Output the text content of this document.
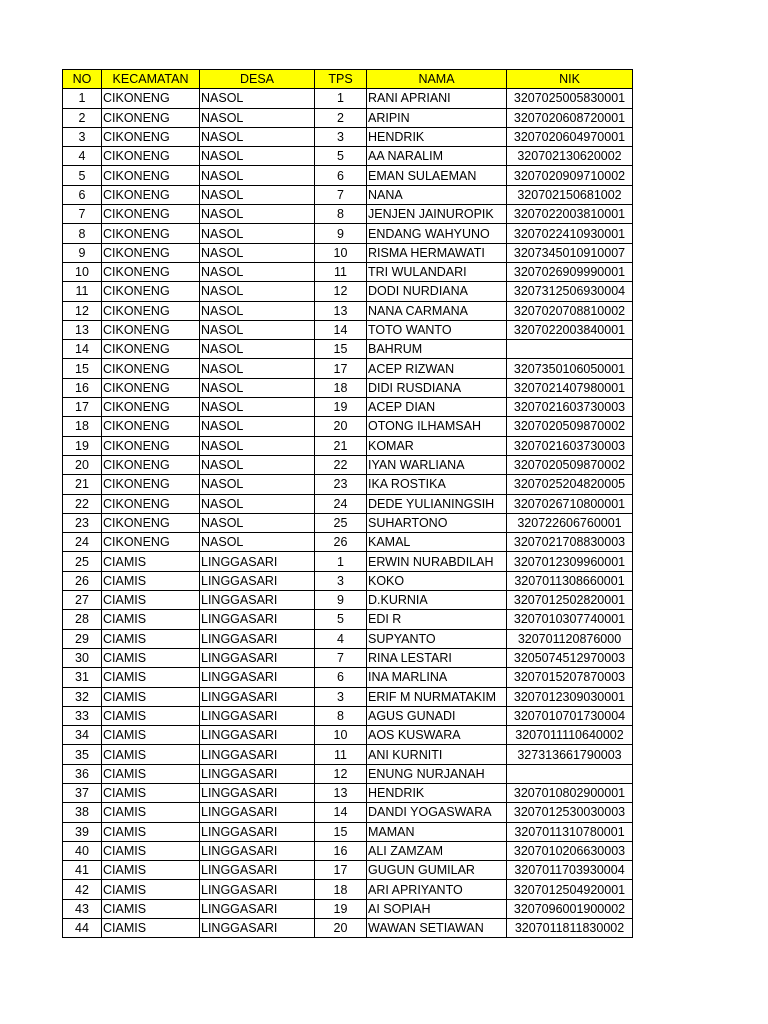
NO	KECAMATAN	DESA	TPS	NAMA	NIK
1	CIKONENG	NASOL	1	RANI APRIANI	3207025005830001
2	CIKONENG	NASOL	2	ARIPIN	3207020608720001
3	CIKONENG	NASOL	3	HENDRIK	3207020604970001
4	CIKONENG	NASOL	5	AA NARALIM	320702130620002
5	CIKONENG	NASOL	6	EMAN SULAEMAN	3207020909710002
6	CIKONENG	NASOL	7	NANA	320702150681002
7	CIKONENG	NASOL	8	JENJEN JAINUROPIK	3207022003810001
8	CIKONENG	NASOL	9	ENDANG WAHYUNO	3207022410930001
9	CIKONENG	NASOL	10	RISMA HERMAWATI	3207345010910007
10	CIKONENG	NASOL	11	TRI WULANDARI	3207026909990001
11	CIKONENG	NASOL	12	DODI NURDIANA	3207312506930004
12	CIKONENG	NASOL	13	NANA CARMANA	3207020708810002
13	CIKONENG	NASOL	14	TOTO WANTO	3207022003840001
14	CIKONENG	NASOL	15	BAHRUM	
15	CIKONENG	NASOL	17	ACEP RIZWAN	3207350106050001
16	CIKONENG	NASOL	18	DIDI RUSDIANA	3207021407980001
17	CIKONENG	NASOL	19	ACEP DIAN	3207021603730003
18	CIKONENG	NASOL	20	OTONG ILHAMSAH	3207020509870002
19	CIKONENG	NASOL	21	KOMAR	3207021603730003
20	CIKONENG	NASOL	22	IYAN WARLIANA	3207020509870002
21	CIKONENG	NASOL	23	IKA ROSTIKA	3207025204820005
22	CIKONENG	NASOL	24	DEDE YULIANINGSIH	3207026710800001
23	CIKONENG	NASOL	25	SUHARTONO	320722606760001
24	CIKONENG	NASOL	26	KAMAL	3207021708830003
25	CIAMIS	LINGGASARI	1	ERWIN NURABDILAH	3207012309960001
26	CIAMIS	LINGGASARI	3	KOKO	3207011308660001
27	CIAMIS	LINGGASARI	9	D.KURNIA	3207012502820001
28	CIAMIS	LINGGASARI	5	EDI R	3207010307740001
29	CIAMIS	LINGGASARI	4	SUPYANTO	320701120876000
30	CIAMIS	LINGGASARI	7	RINA LESTARI	3205074512970003
31	CIAMIS	LINGGASARI	6	INA MARLINA	3207015207870003
32	CIAMIS	LINGGASARI	3	ERIF M NURMATAKIM	3207012309030001
33	CIAMIS	LINGGASARI	8	AGUS GUNADI	3207010701730004
34	CIAMIS	LINGGASARI	10	AOS KUSWARA	3207011110640002
35	CIAMIS	LINGGASARI	11	ANI KURNITI	327313661790003
36	CIAMIS	LINGGASARI	12	ENUNG NURJANAH	
37	CIAMIS	LINGGASARI	13	HENDRIK	3207010802900001
38	CIAMIS	LINGGASARI	14	DANDI YOGASWARA	3207012530030003
39	CIAMIS	LINGGASARI	15	MAMAN	3207011310780001
40	CIAMIS	LINGGASARI	16	ALI ZAMZAM	3207010206630003
41	CIAMIS	LINGGASARI	17	GUGUN GUMILAR	3207011703930004
42	CIAMIS	LINGGASARI	18	ARI APRIYANTO	3207012504920001
43	CIAMIS	LINGGASARI	19	AI SOPIAH	3207096001900002
44	CIAMIS	LINGGASARI	20	WAWAN SETIAWAN	3207011811830002
